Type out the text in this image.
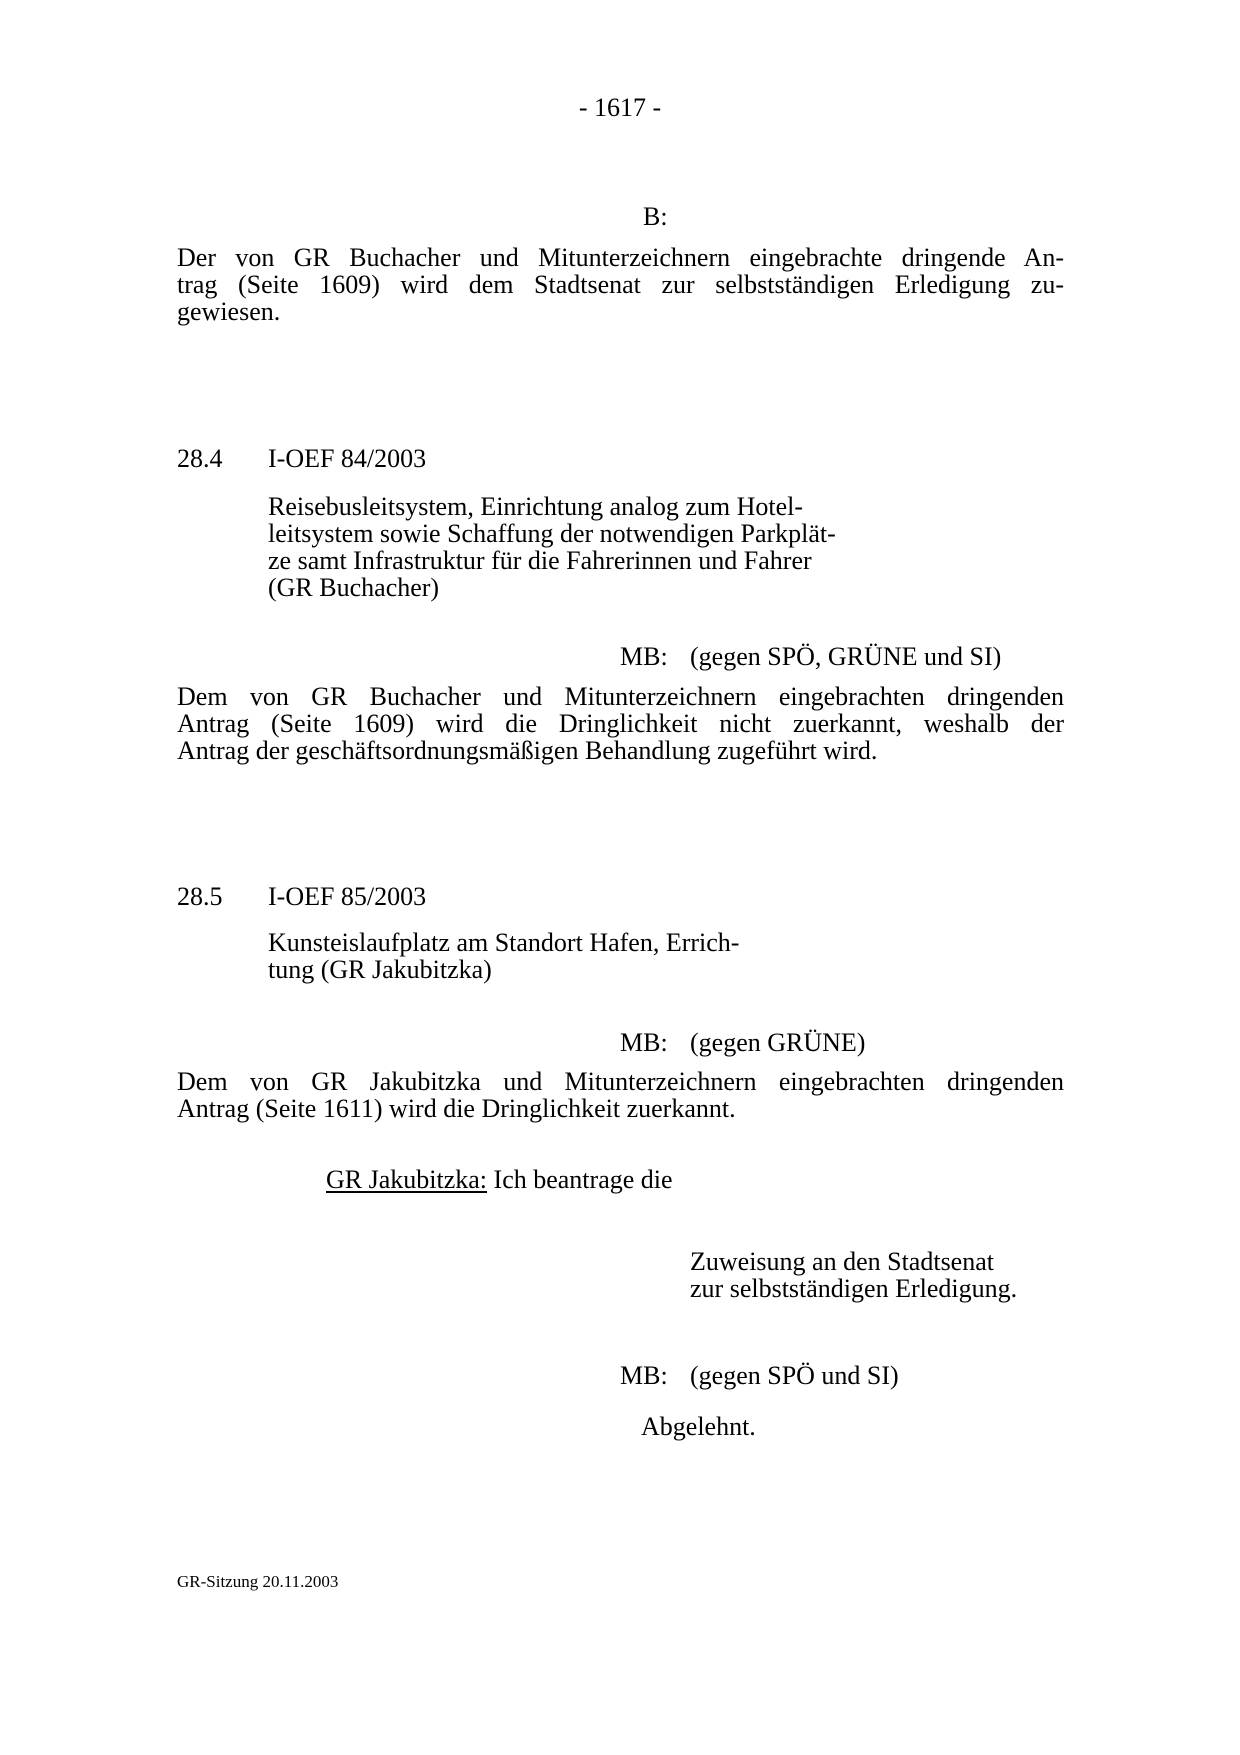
- 1617 -
B:
Der von GR Buchacher und Mitunterzeichnern eingebrachte dringende An-
trag (Seite 1609) wird dem Stadtsenat zur selbstständigen Erledigung zu-
gewiesen.
28.4 I-OEF 84/2003
Reisebusleitsystem, Einrichtung analog zum Hotel-
leitsystem sowie Schaffung der notwendigen Parkplät-
ze samt Infrastruktur für die Fahrerinnen und Fahrer
(GR Buchacher)
MB: (gegen SPÖ, GRÜNE und SI)
Dem von GR Buchacher und Mitunterzeichnern eingebrachten dringenden
Antrag (Seite 1609) wird die Dringlichkeit nicht zuerkannt, weshalb der
Antrag der geschäftsordnungsmäßigen Behandlung zugeführt wird.
28.5 I-OEF 85/2003
Kunsteislaufplatz am Standort Hafen, Errich-
tung (GR Jakubitzka)
MB: (gegen GRÜNE)
Dem von GR Jakubitzka und Mitunterzeichnern eingebrachten dringenden
Antrag (Seite 1611) wird die Dringlichkeit zuerkannt.
GR Jakubitzka: Ich beantrage die
Zuweisung an den Stadtsenat
zur selbstständigen Erledigung.
MB: (gegen SPÖ und SI)
Abgelehnt.
GR-Sitzung 20.11.2003
